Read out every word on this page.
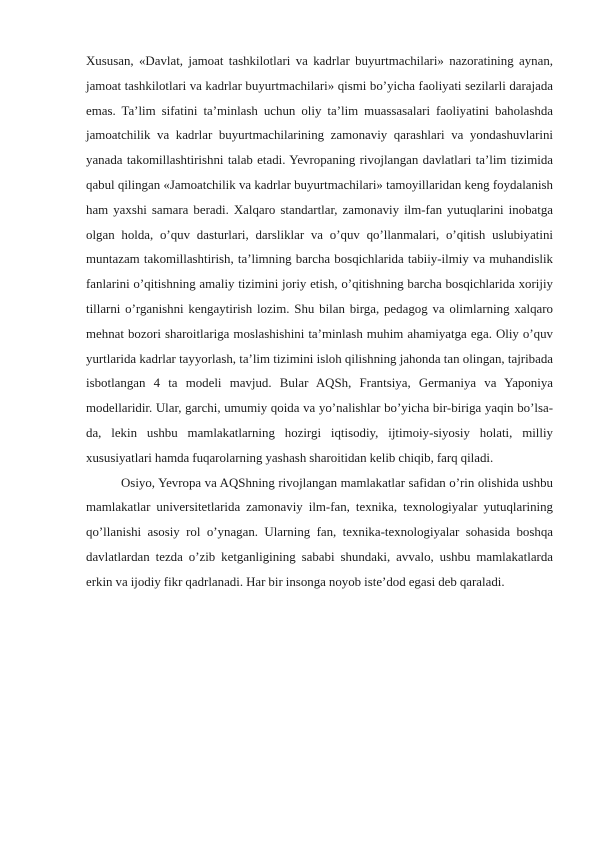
Xususan, «Davlat, jamoat tashkilotlari va kadrlar buyurtmachilari» nazoratining aynan, jamoat tashkilotlari va kadrlar buyurtmachilari» qismi bo’yicha faoliyati sezilarli darajada emas. Ta’lim sifatini ta’minlash uchun oliy ta’lim muassasalari faoliyatini baholashda jamoatchilik va kadrlar buyurtmachilarining zamonaviy qarashlari va yondashuvlarini yanada takomillashtirishni talab etadi. Yevropaning rivojlangan davlatlari ta’lim tizimida qabul qilingan «Jamoatchilik va kadrlar buyurtmachilari» tamoyillaridan keng foydalanish ham yaxshi samara beradi. Xalqaro standartlar, zamonaviy ilm-fan yutuqlarini inobatga olgan holda, o’quv dasturlari, darsliklar va o’quv qo’llanmalari, o’qitish uslubiyatini muntazam takomillashtirish, ta’limning barcha bosqichlarida tabiiy-ilmiy va muhandislik fanlarini o’qitishning amaliy tizimini joriy etish, o’qitishning barcha bosqichlarida xorijiy tillarni o’rganishni kengaytirish lozim. Shu bilan birga, pedagog va olimlarning xalqaro mehnat bozori sharoitlariga moslashishini ta’minlash muhim ahamiyatga ega. Oliy o’quv yurtlarida kadrlar tayyorlash, ta’lim tizimini isloh qilishning jahonda tan olingan, tajribada isbotlangan 4 ta modeli mavjud. Bular AQSh, Frantsiya, Germaniya va Yaponiya modellaridir. Ular, garchi, umumiy qoida va yo’nalishlar bo’yicha bir-biriga yaqin bo’lsa-da, lekin ushbu mamlakatlarning hozirgi iqtisodiy, ijtimoiy-siyosiy holati, milliy xususiyatlari hamda fuqarolarning yashash sharoitidan kelib chiqib, farq qiladi.

Osiyo, Yevropa va AQShning rivojlangan mamlakatlar safidan o’rin olishida ushbu mamlakatlar universitetlarida zamonaviy ilm-fan, texnika, texnologiyalar yutuqlarining qo’llanishi asosiy rol o’ynagan. Ularning fan, texnika-texnologiyalar sohasida boshqa davlatlardan tezda o’zib ketganligining sababi shundaki, avvalo, ushbu mamlakatlarda erkin va ijodiy fikr qadrlanadi. Har bir insonga noyob iste’dod egasi deb qaraladi.
